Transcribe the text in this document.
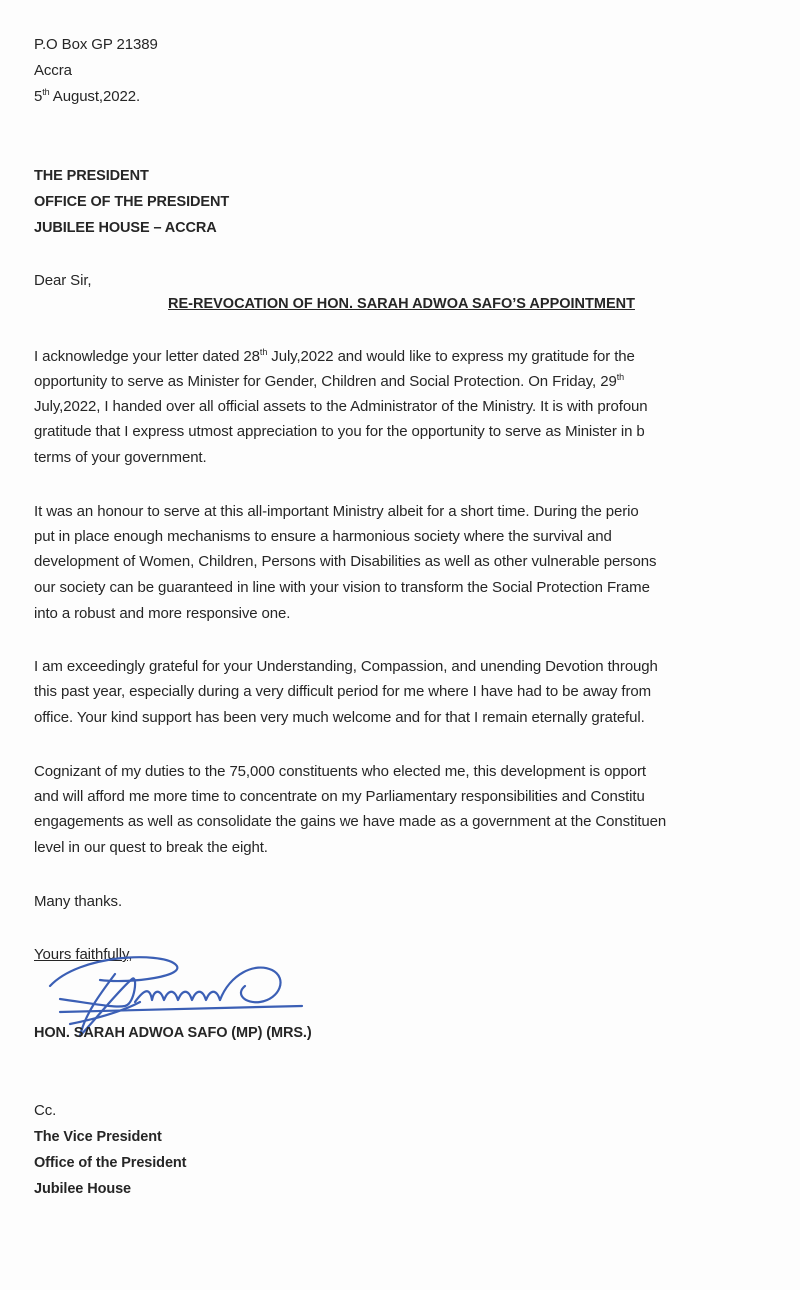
P.O Box GP 21389
Accra
5th August,2022.
THE PRESIDENT
OFFICE OF THE PRESIDENT
JUBILEE HOUSE – ACCRA
Dear Sir,
RE-REVOCATION OF HON. SARAH ADWOA SAFO’S APPOINTMENT
I acknowledge your letter dated 28th July,2022 and would like to express my gratitude for the
opportunity to serve as Minister for Gender, Children and Social Protection. On Friday, 29th
July,2022, I handed over all official assets to the Administrator of the Ministry. It is with profoun
gratitude that I express utmost appreciation to you for the opportunity to serve as Minister in b
terms of your government.
It was an honour to serve at this all-important Ministry albeit for a short time. During the perio
put in place enough mechanisms to ensure a harmonious society where the survival and
development of Women, Children, Persons with Disabilities as well as other vulnerable persons
our society can be guaranteed in line with your vision to transform the Social Protection Frame
into a robust and more responsive one.
I am exceedingly grateful for your Understanding, Compassion, and unending Devotion through
this past year, especially during a very difficult period for me where I have had to be away from
office. Your kind support has been very much welcome and for that I remain eternally grateful.
Cognizant of my duties to the 75,000 constituents who elected me, this development is opport
and will afford me more time to concentrate on my Parliamentary responsibilities and Constitu
engagements as well as consolidate the gains we have made as a government at the Constituen
level in our quest to break the eight.
Many thanks.
Yours faithfully,
HON. SARAH ADWOA SAFO (MP) (MRS.)
Cc.
The Vice President
Office of the President
Jubilee House
